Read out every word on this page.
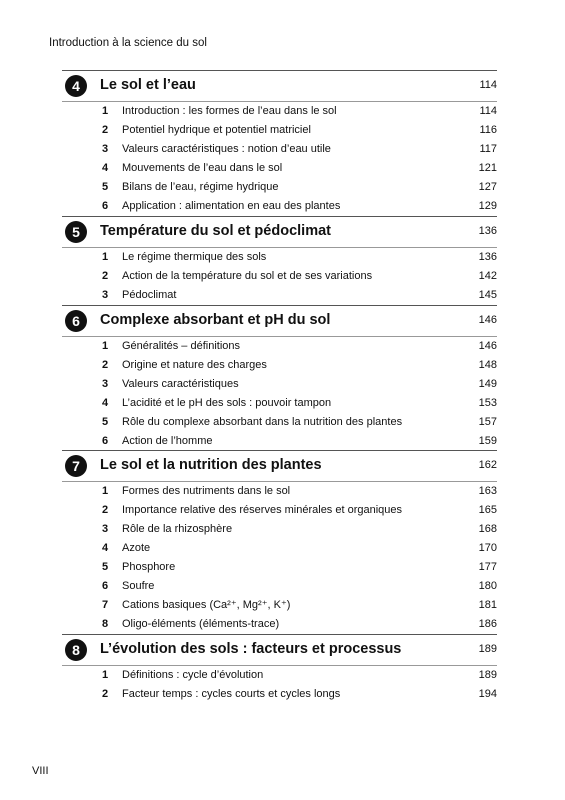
Introduction à la science du sol
4	Le sol et l’eau	114
1 Introduction : les formes de l’eau dans le sol	114
2 Potentiel hydrique et potentiel matriciel	116
3 Valeurs caractéristiques : notion d’eau utile	117
4 Mouvements de l’eau dans le sol	121
5 Bilans de l’eau, régime hydrique	127
6 Application : alimentation en eau des plantes	129
5	Température du sol et pédoclimat	136
1 Le régime thermique des sols	136
2 Action de la température du sol et de ses variations	142
3 Pédoclimat	145
6	Complexe absorbant et pH du sol	146
1 Généralités – définitions	146
2 Origine et nature des charges	148
3 Valeurs caractéristiques	149
4 L’acidité et le pH des sols : pouvoir tampon	153
5 Rôle du complexe absorbant dans la nutrition des plantes	157
6 Action de l’homme	159
7	Le sol et la nutrition des plantes	162
1 Formes des nutriments dans le sol	163
2 Importance relative des réserves minérales et organiques	165
3 Rôle de la rhizosphère	168
4 Azote	170
5 Phosphore	177
6 Soufre	180
7 Cations basiques (Ca²⁺, Mg²⁺, K⁺)	181
8 Oligo-éléments (éléments-trace)	186
8	L’évolution des sols : facteurs et processus	189
1 Définitions : cycle d’évolution	189
2 Facteur temps : cycles courts et cycles longs	194
VIII
